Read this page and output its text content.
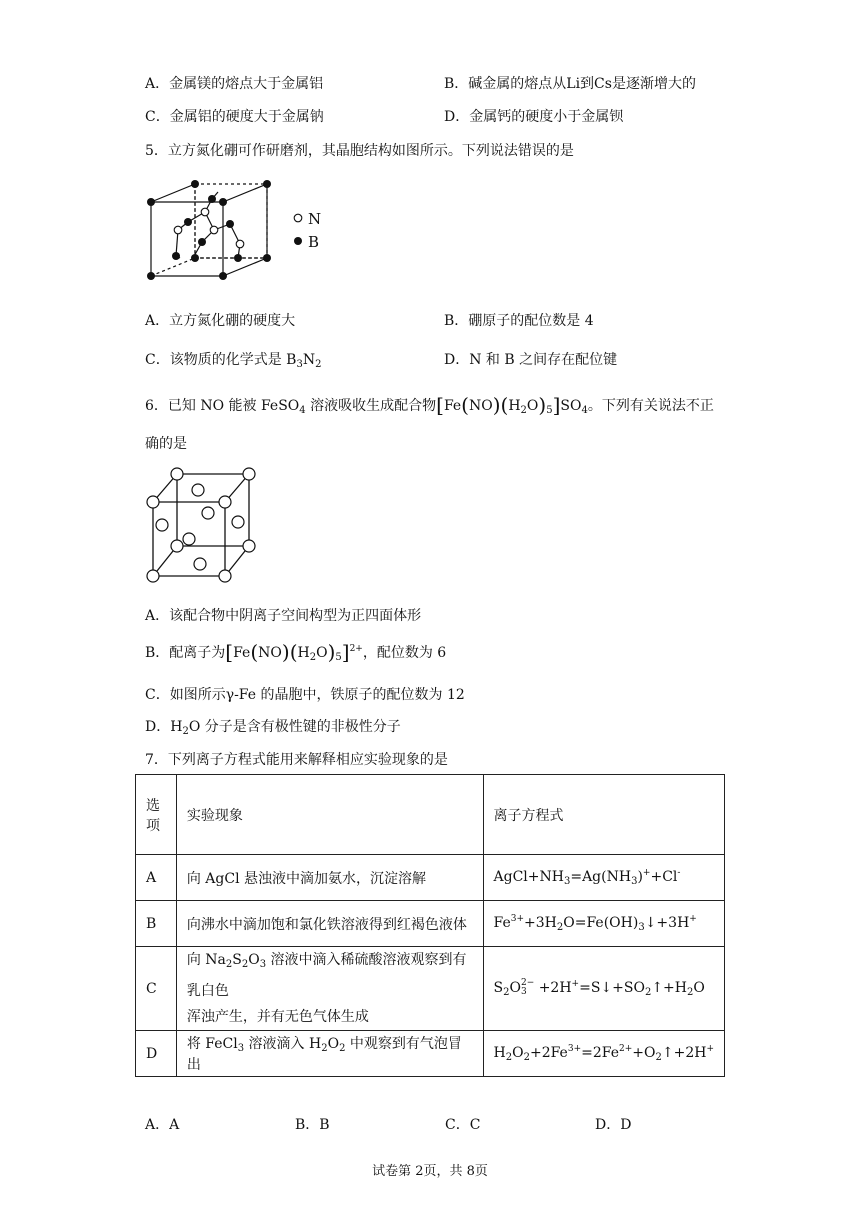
A．金属镁的熔点大于金属铝	B．碱金属的熔点从Li到Cs是逐渐增大的
C．金属铝的硬度大于金属钠	D．金属钙的硬度小于金属钡
5．立方氮化硼可作研磨剂，其晶胞结构如图所示。下列说法错误的是
N
B
A．立方氮化硼的硬度大	B．硼原子的配位数是 4
C．该物质的化学式是 $B_3N_2$	D．N 和 B 之间存在配位键
6．已知 NO 能被 FeSO$_4$ 溶液吸收生成配合物$[Fe(NO)(H_2O)_5]SO_4$。下列有关说法不正
确的是
A．该配合物中阴离子空间构型为正四面体形
B．配离子为$[Fe(NO)(H_2O)_5]^{2+}$，配位数为 6
C．如图所示γ-Fe 的晶胞中，铁原子的配位数为 12
D．$H_2O$ 分子是含有极性键的非极性分子
7．下列离子方程式能用来解释相应实验现象的是
选
项	实验现象	离子方程式
A	向 AgCl 悬浊液中滴加氨水，沉淀溶解	$AgCl+NH_3=Ag(NH_3)^++Cl^-$
B	向沸水中滴加饱和氯化铁溶液得到红褐色液体	$Fe^{3+}+3H_2O=Fe(OH)_3↓+3H^+$
C	向 $Na_2S_2O_3$ 溶液中滴入稀硫酸溶液观察到有乳白色
浑浊产生，并有无色气体生成	$S_2O2-$
$3 +2H^+=S↓+SO_2↑+H_2O$
D	将 FeCl$_3$ 溶液滴入 $H_2O_2$ 中观察到有气泡冒出	$H_2O_2+2Fe^{3+}=2Fe^{2+}+O_2↑+2H^+$
A．A	B．B	C．C	D．D
试卷第 2页，共 8页
